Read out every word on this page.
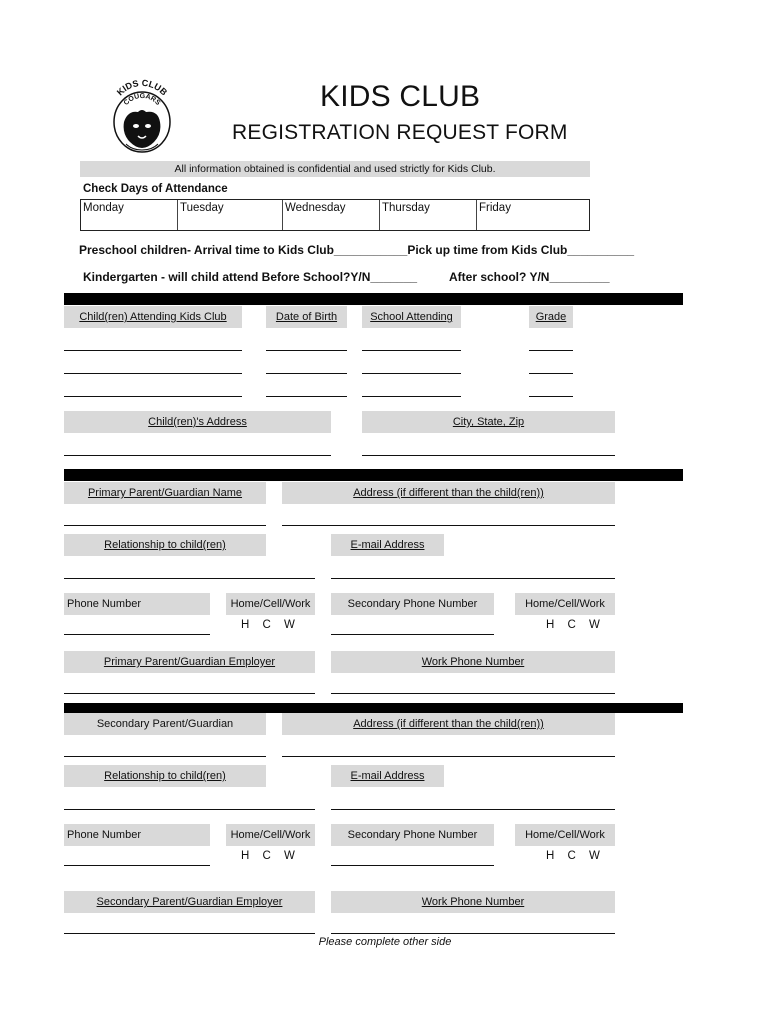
KIDS CLUB
COUGARS	KIDS CLUB
REGISTRATION REQUEST FORM
All information obtained is confidential and used strictly for Kids Club.
Check Days of Attendance
Monday	Tuesday	Wednesday	Thursday	Friday
Preschool children- Arrival time to Kids Club___________Pick up time from Kids Club__________
Kindergarten - will child attend Before School?Y/N_______	After school? Y/N_________
Child(ren) Attending Kids Club	Date of Birth	School Attending	Grade
Child(ren)'s Address	City, State, Zip
Primary Parent/Guardian Name	Address (if different than the child(ren))
Relationship to child(ren)	E-mail Address
Phone Number	Home/Cell/Work	Secondary Phone Number	Home/Cell/Work
H C W	H C W
Primary Parent/Guardian Employer	Work Phone Number
Secondary Parent/Guardian	Address (if different than the child(ren))
Relationship to child(ren)	E-mail Address
Phone Number	Home/Cell/Work	Secondary Phone Number	Home/Cell/Work
H C W	H C W
Secondary Parent/Guardian Employer	Work Phone Number
Please complete other side
